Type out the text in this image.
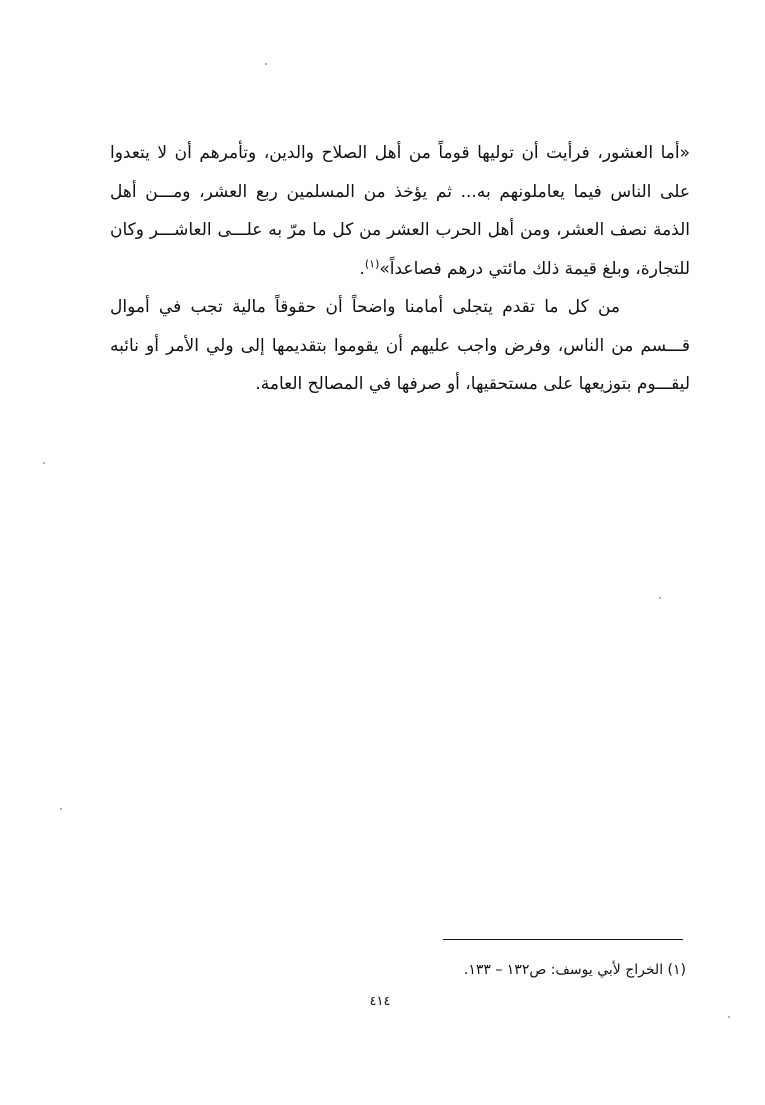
«أما العشور، فرأيت أن توليها قوماً من أهل الصلاح والدين، وتأمرهم أن لا يتعدوا على الناس فيما يعاملونهم به... ثم يؤخذ من المسلمين ربع العشر، ومـــن أهل الذمة نصف العشر، ومن أهل الحرب العشر من كل ما مرّ به علـــى العاشـــر وكان للتجارة، وبلغ قيمة ذلك مائتي درهم فصاعداً»$^{(١)}$.

من كل ما تقدم يتجلى أمامنا واضحاً أن حقوقاً مالية تجب في أموال قـــسم من الناس، وفرض واجب عليهم أن يقوموا بتقديمها إلى ولي الأمر أو نائبه ليقـــوم بتوزيعها على مستحقيها، أو صرفها في المصالح العامة.

(١) الخراج لأبي يوسف: ص١٣٢ – ١٣٣.
٤١٤
